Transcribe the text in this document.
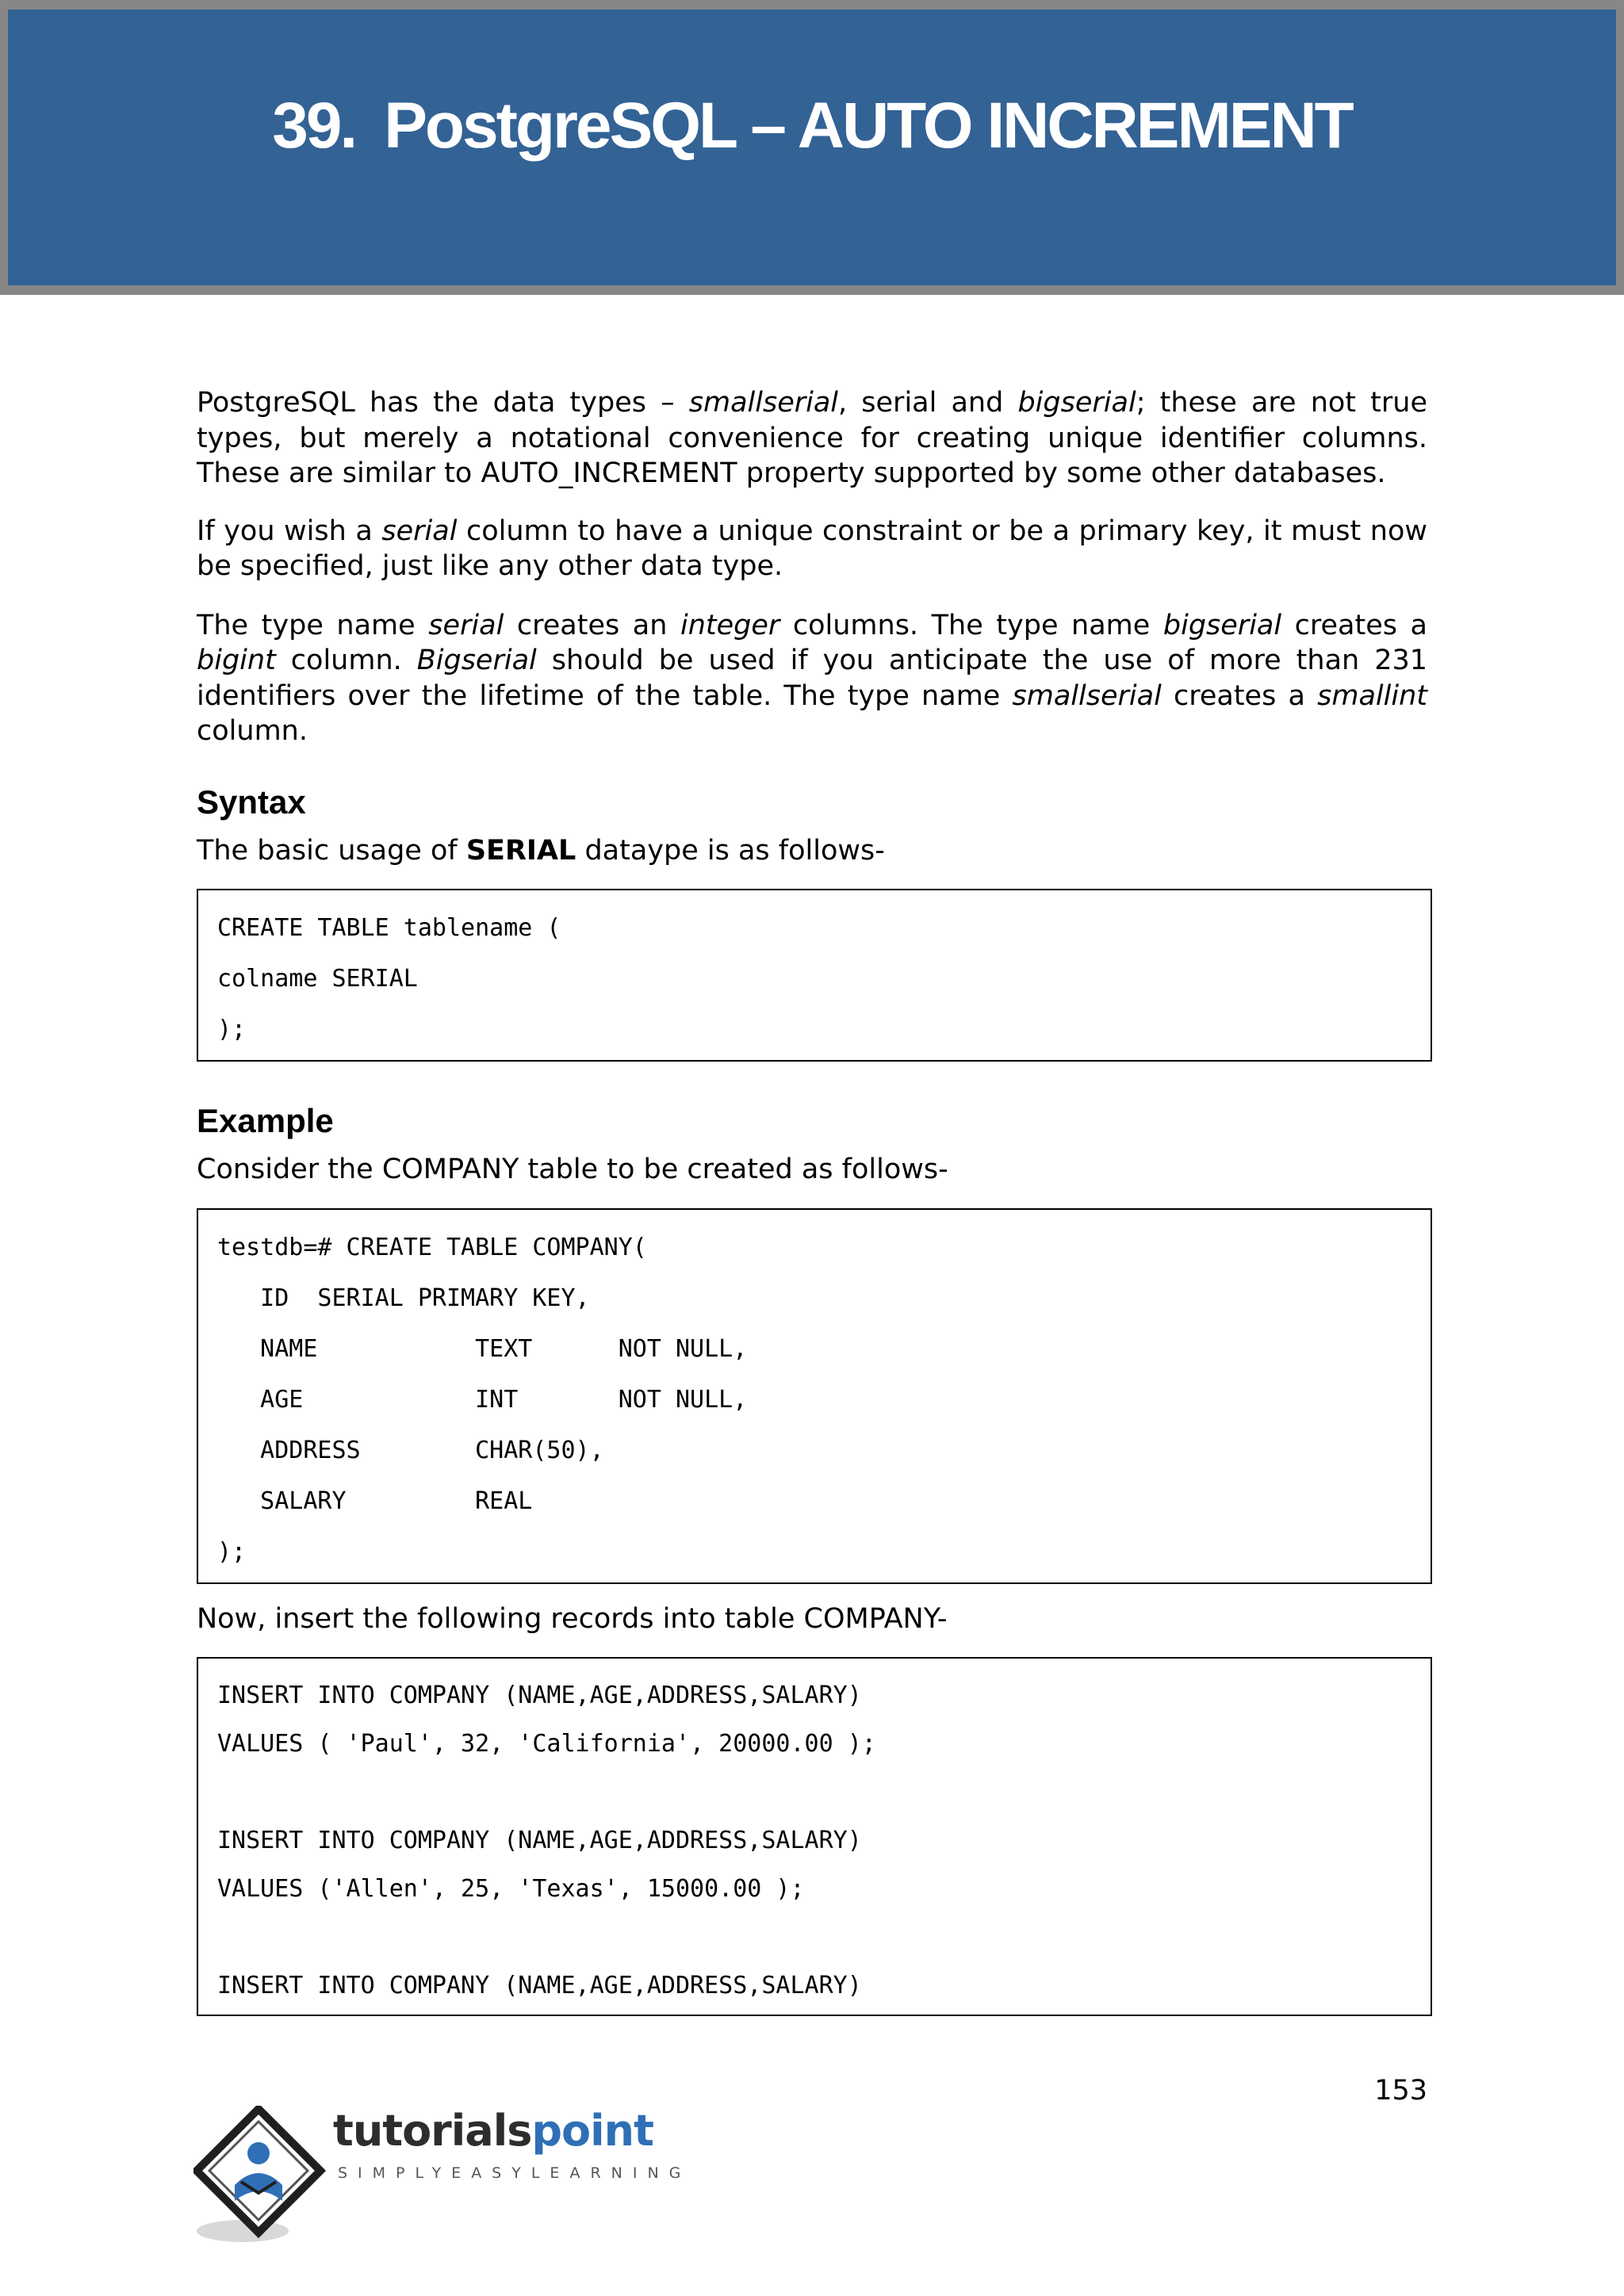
39. PostgreSQL – AUTO INCREMENT

PostgreSQL has the data types – smallserial, serial and bigserial; these are not true types, but merely a notational convenience for creating unique identifier columns. These are similar to AUTO_INCREMENT property supported by some other databases.

If you wish a serial column to have a unique constraint or be a primary key, it must now be specified, just like any other data type.

The type name serial creates an integer columns. The type name bigserial creates a bigint column. Bigserial should be used if you anticipate the use of more than 231 identifiers over the lifetime of the table. The type name smallserial creates a smallint column.

Syntax

The basic usage of SERIAL dataype is as follows-

CREATE TABLE tablename (
colname SERIAL
);
Example

Consider the COMPANY table to be created as follows-

testdb=# CREATE TABLE COMPANY(
ID  SERIAL PRIMARY KEY,
NAME           TEXT      NOT NULL,
AGE            INT       NOT NULL,
ADDRESS        CHAR(50),
SALARY         REAL
);

Now, insert the following records into table COMPANY-

INSERT INTO COMPANY (NAME,AGE,ADDRESS,SALARY)
VALUES ( 'Paul', 32, 'California', 20000.00 );
INSERT INTO COMPANY (NAME,AGE,ADDRESS,SALARY)
VALUES ('Allen', 25, 'Texas', 15000.00 );
INSERT INTO COMPANY (NAME,AGE,ADDRESS,SALARY)
153
tutorialspoint
SIMPLYEASYLEARNING
